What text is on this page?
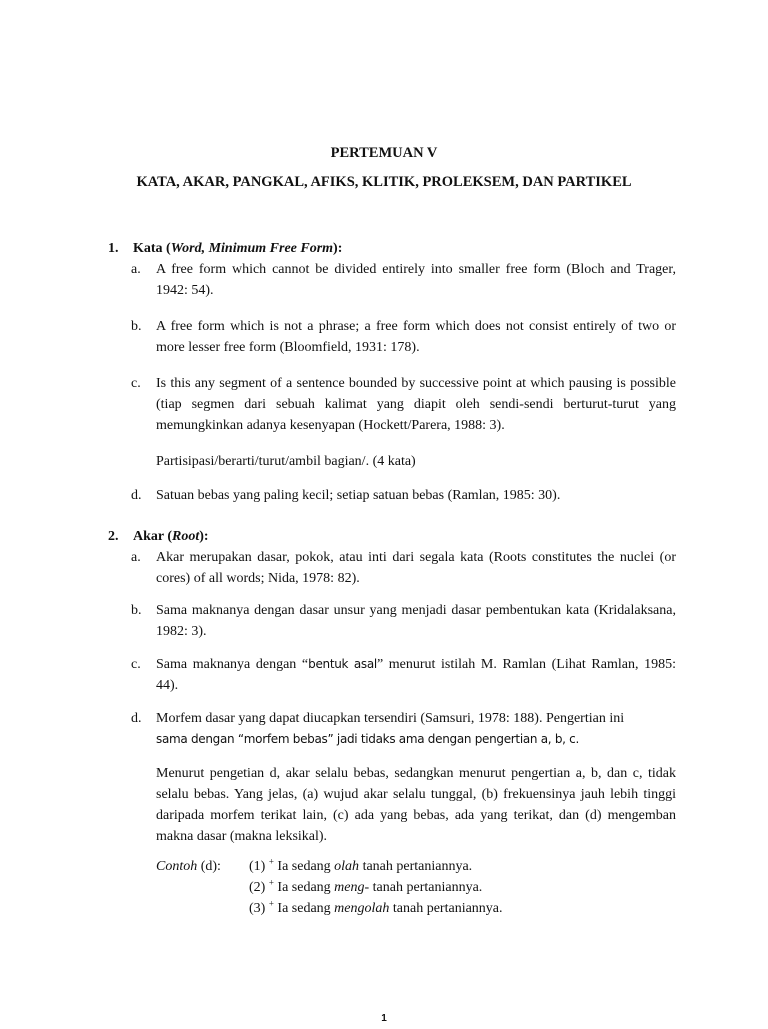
PERTEMUAN V
KATA, AKAR, PANGKAL, AFIKS, KLITIK, PROLEKSEM, DAN PARTIKEL
1. Kata (Word, Minimum Free Form):
a. A free form which cannot be divided entirely into smaller free form (Bloch and Trager, 1942: 54).
b. A free form which is not a phrase; a free form which does not consist entirely of two or more lesser free form (Bloomfield, 1931: 178).
c. Is this any segment of a sentence bounded by successive point at which pausing is possible (tiap segmen dari sebuah kalimat yang diapit oleh sendi-sendi berturut-turut yang memungkinkan adanya kesenyapan (Hockett/Parera, 1988: 3).
Partisipasi/berarti/turut/ambil bagian/. (4 kata)
d. Satuan bebas yang paling kecil; setiap satuan bebas (Ramlan, 1985: 30).
2. Akar (Root):
a. Akar merupakan dasar, pokok, atau inti dari segala kata (Roots constitutes the nuclei (or cores) of all words; Nida, 1978: 82).
b. Sama maknanya dengan dasar unsur yang menjadi dasar pembentukan kata (Kridalaksana, 1982: 3).
c. Sama maknanya dengan “bentuk asal” menurut istilah M. Ramlan (Lihat Ramlan, 1985: 44).
d. Morfem dasar yang dapat diucapkan tersendiri (Samsuri, 1978: 188). Pengertian ini
sama dengan “morfem bebas” jadi tidaks ama dengan pengertian a, b, c.
Menurut pengetian d, akar selalu bebas, sedangkan menurut pengertian a, b, dan c, tidak selalu bebas. Yang jelas, (a) wujud akar selalu tunggal, (b) frekuensinya jauh lebih tinggi daripada morfem terikat lain, (c) ada yang bebas, ada yang terikat, dan (d) mengemban makna dasar (makna leksikal).
Contoh (d): (1) + Ia sedang olah tanah pertaniannya.
(2) + Ia sedang meng- tanah pertaniannya.
(3) + Ia sedang mengolah tanah pertaniannya.
1
